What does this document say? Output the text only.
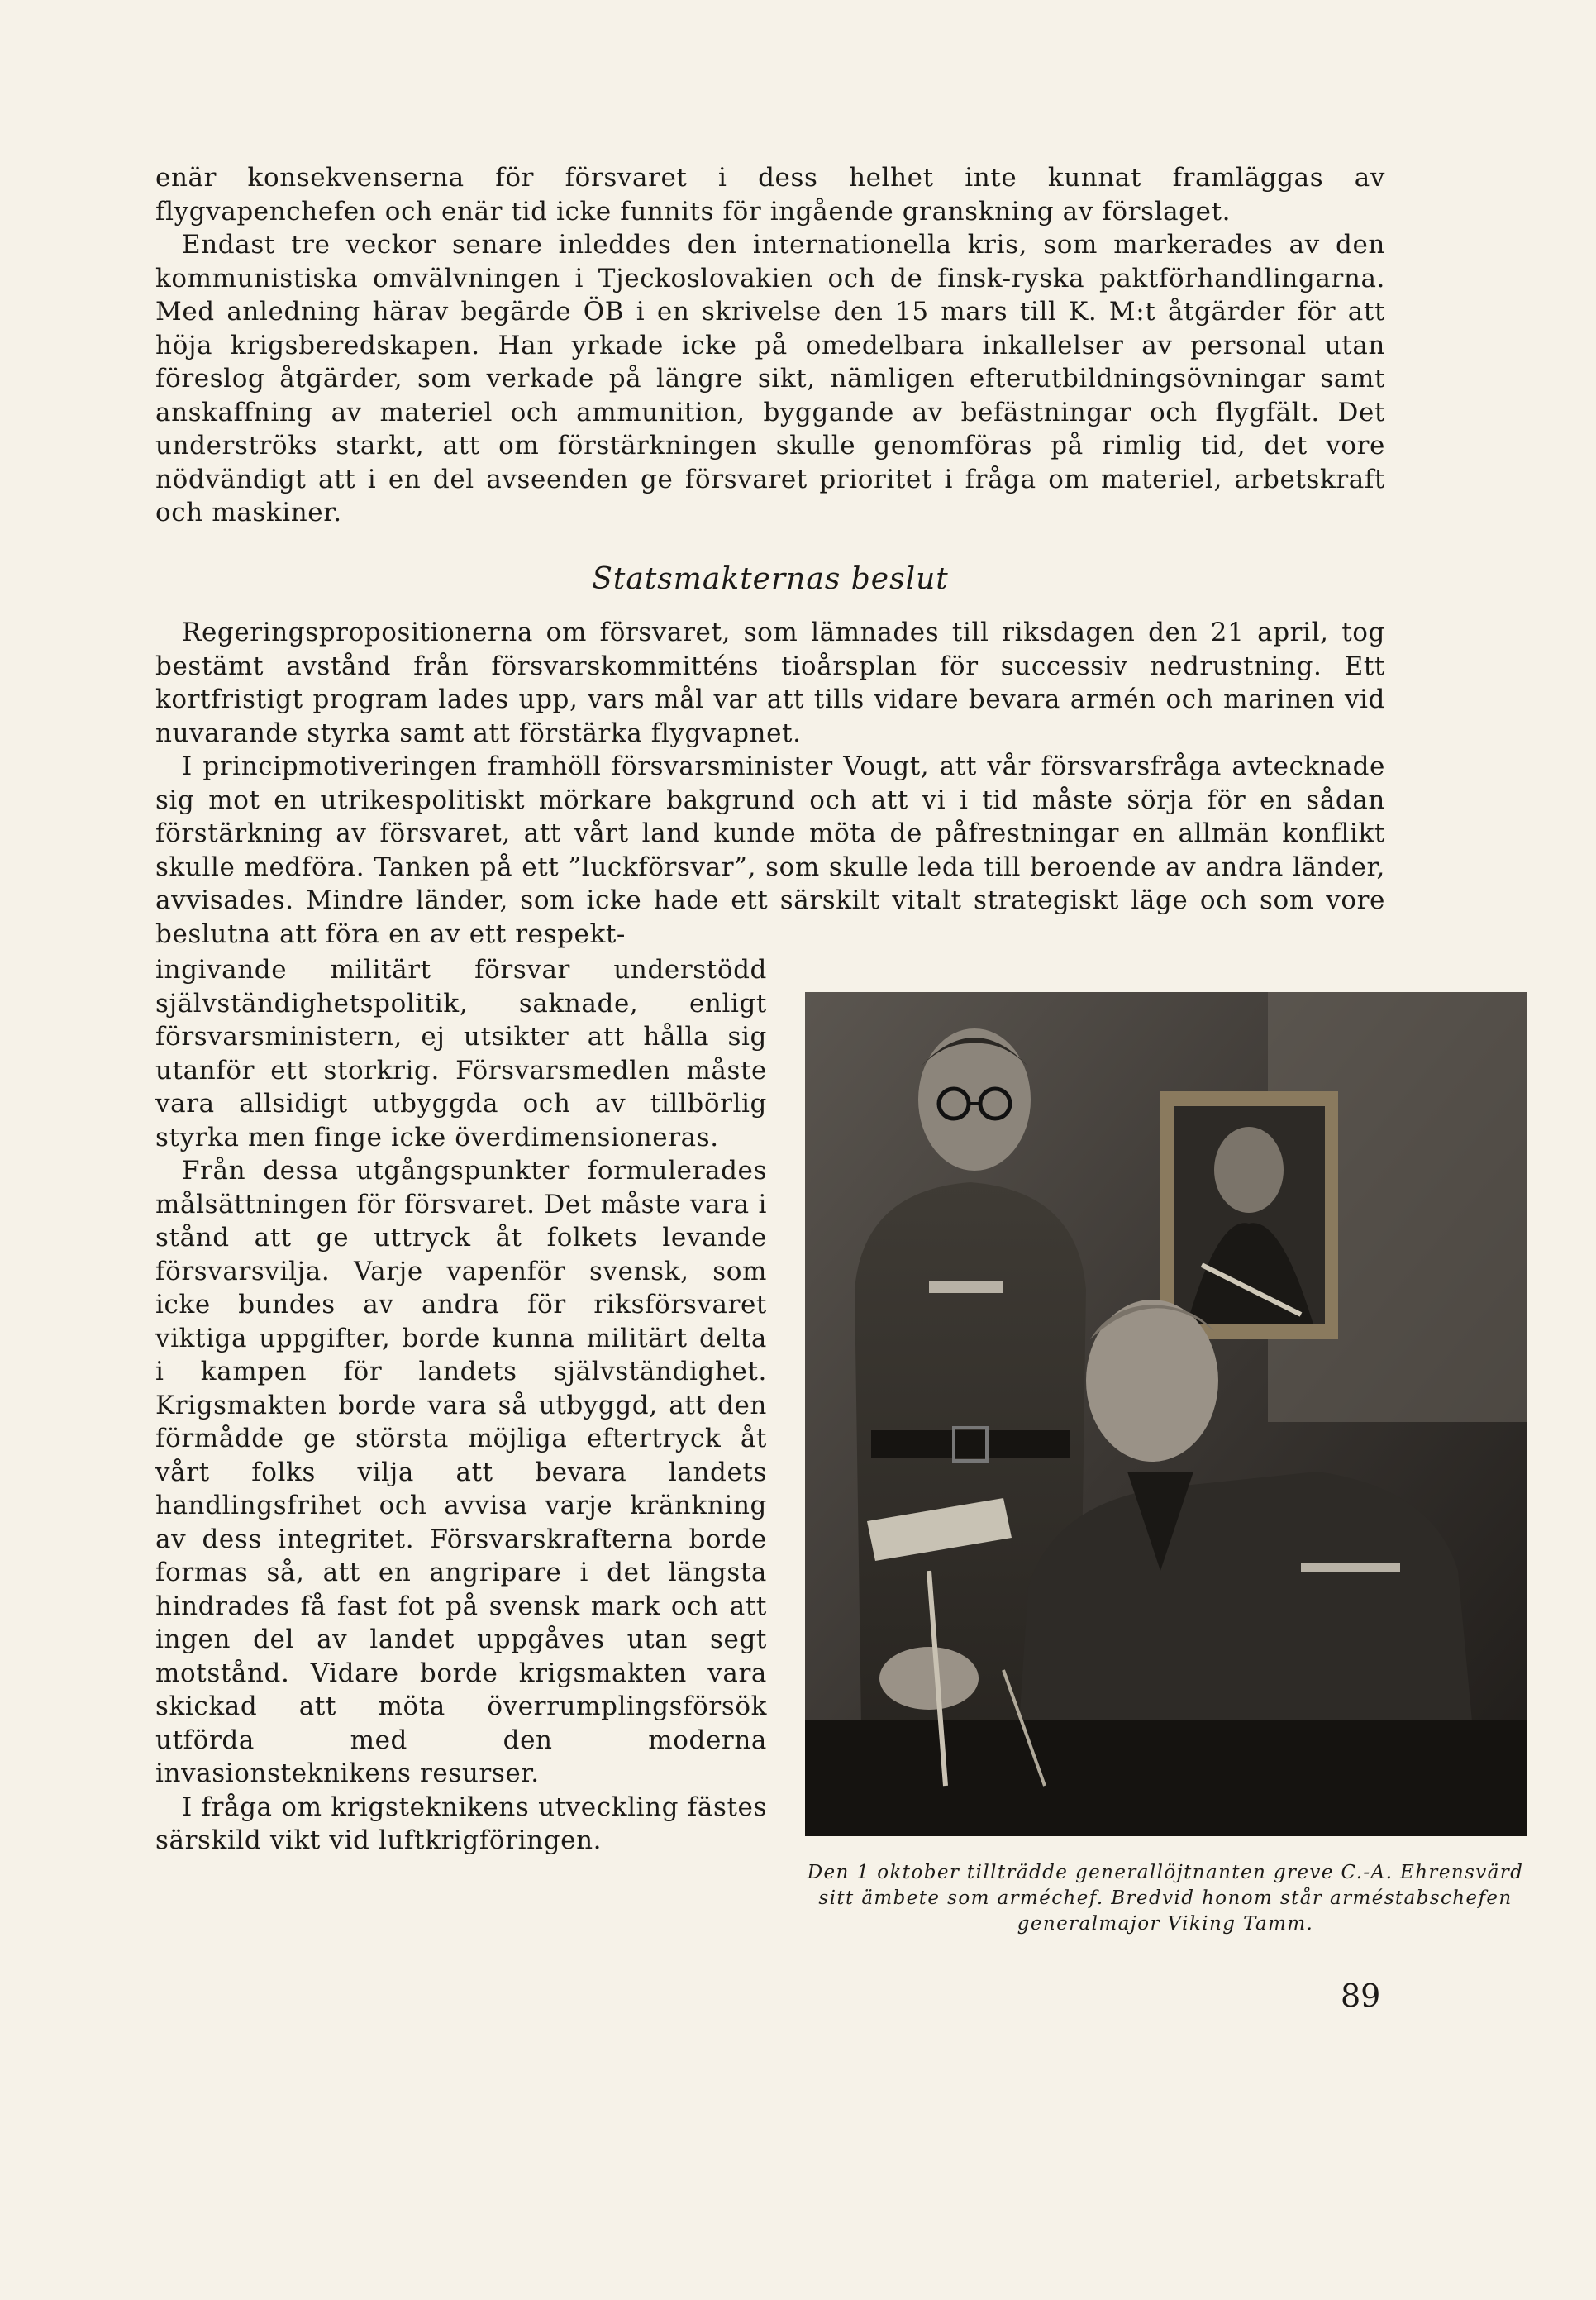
enär konsekvenserna för försvaret i dess helhet inte kunnat framläggas av flygvapenchefen och enär tid icke funnits för ingående granskning av förslaget.

Endast tre veckor senare inleddes den internationella kris, som markerades av den kommunistiska omvälvningen i Tjeckoslovakien och de finsk-ryska paktförhandlingarna. Med anledning härav begärde ÖB i en skrivelse den 15 mars till K. M:t åtgärder för att höja krigsberedskapen. Han yrkade icke på omedelbara inkallelser av personal utan föreslog åtgärder, som verkade på längre sikt, nämligen efterutbildningsövningar samt anskaffning av materiel och ammunition, byggande av befästningar och flygfält. Det underströks starkt, att om förstärkningen skulle genomföras på rimlig tid, det vore nödvändigt att i en del avseenden ge försvaret prioritet i fråga om materiel, arbetskraft och maskiner.

Statsmakternas beslut

Regeringspropositionerna om försvaret, som lämnades till riksdagen den 21 april, tog bestämt avstånd från försvarskommitténs tioårsplan för successiv nedrustning. Ett kortfristigt program lades upp, vars mål var att tills vidare bevara armén och marinen vid nuvarande styrka samt att förstärka flygvapnet.

I principmotiveringen framhöll försvarsminister Vougt, att vår försvarsfråga avtecknade sig mot en utrikespolitiskt mörkare bakgrund och att vi i tid måste sörja för en sådan förstärkning av försvaret, att vårt land kunde möta de påfrestningar en allmän konflikt skulle medföra. Tanken på ett ”luckförsvar”, som skulle leda till beroende av andra länder, avvisades. Mindre länder, som icke hade ett särskilt vitalt strategiskt läge och som vore beslutna att föra en av ett respekt-

ingivande militärt försvar understödd självständighetspolitik, saknade, enligt försvarsministern, ej utsikter att hålla sig utanför ett storkrig. Försvarsmedlen måste vara allsidigt utbyggda och av tillbörlig styrka men finge icke överdimensioneras.

Från dessa utgångspunkter formulerades målsättningen för försvaret. Det måste vara i stånd att ge uttryck åt folkets levande försvarsvilja. Varje vapenför svensk, som icke bundes av andra för riksförsvaret viktiga uppgifter, borde kunna militärt delta i kampen för landets självständighet. Krigsmakten borde vara så utbyggd, att den förmådde ge största möjliga eftertryck åt vårt folks vilja att bevara landets handlingsfrihet och avvisa varje kränkning av dess integritet. Försvarskrafterna borde formas så, att en angripare i det längsta hindrades få fast fot på svensk mark och att ingen del av landet uppgåves utan segt motstånd. Vidare borde krigsmakten vara skickad att möta överrumplingsförsök utförda med den moderna invasionsteknikens resurser.

I fråga om krigsteknikens utveckling fästes särskild vikt vid luftkrigföringen.

Den 1 oktober tillträdde generallöjtnanten greve C.-A. Ehrensvärd sitt ämbete som arméchef. Bredvid honom står arméstabschefen generalmajor Viking Tamm.
89
